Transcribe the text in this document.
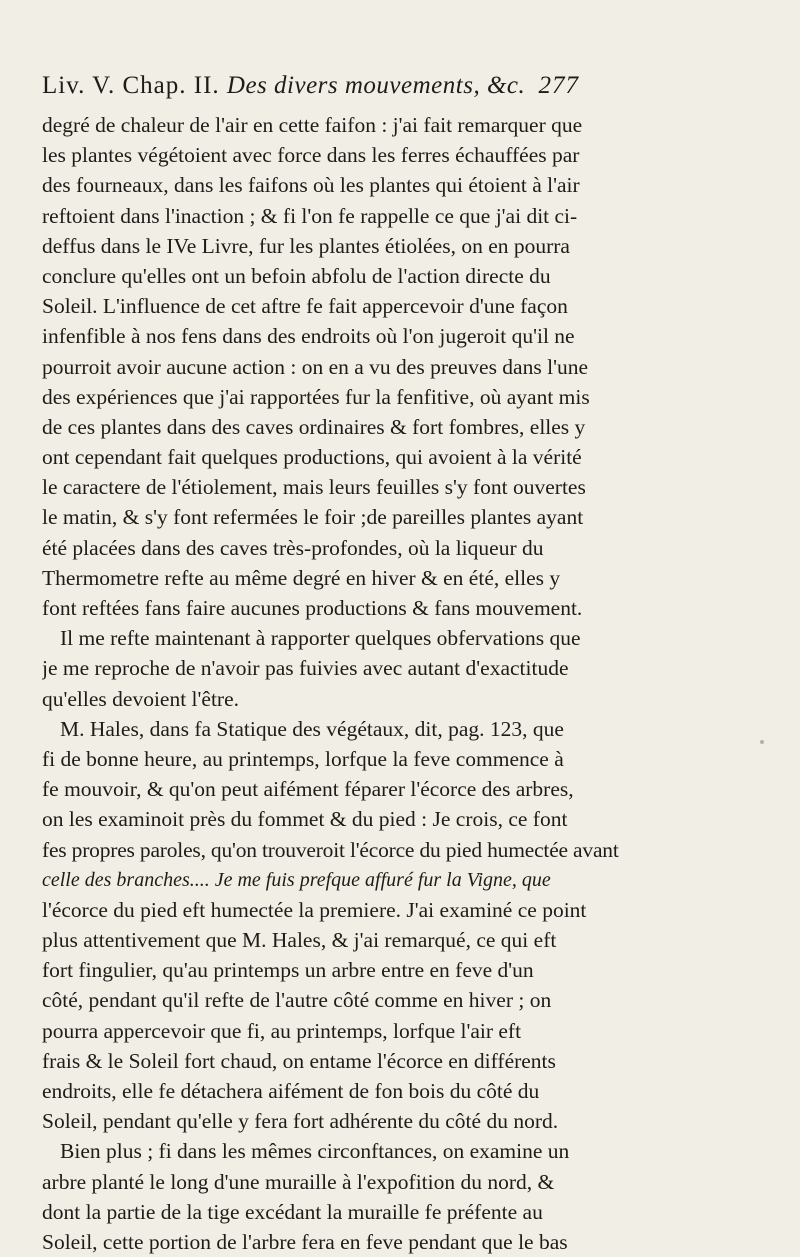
Liv. V. Chap. II. Des divers mouvements, &c. 277
degré de chaleur de l'air en cette faifon : j'ai fait remarquer que
les plantes végétoient avec force dans les ferres échauffées par
des fourneaux, dans les faifons où les plantes qui étoient à l'air
reftoient dans l'inaction ; & fi l'on fe rappelle ce que j'ai dit ci-
deffus dans le IVe Livre, fur les plantes étiolées, on en pourra
conclure qu'elles ont un befoin abfolu de l'action directe du
Soleil. L'influence de cet aftre fe fait appercevoir d'une façon
infenfible à nos fens dans des endroits où l'on jugeroit qu'il ne
pourroit avoir aucune action : on en a vu des preuves dans l'une
des expériences que j'ai rapportées fur la fenfitive, où ayant mis
de ces plantes dans des caves ordinaires & fort fombres, elles y
ont cependant fait quelques productions, qui avoient à la vérité
le caractere de l'étiolement, mais leurs feuilles s'y font ouvertes
le matin, & s'y font refermées le foir ;de pareilles plantes ayant
été placées dans des caves très-profondes, où la liqueur du
Thermometre refte au même degré en hiver & en été, elles y
font reftées fans faire aucunes productions & fans mouvement.
Il me refte maintenant à rapporter quelques obfervations que
je me reproche de n'avoir pas fuivies avec autant d'exactitude
qu'elles devoient l'être.
M. Hales, dans fa Statique des végétaux, dit, pag. 123, que
fi de bonne heure, au printemps, lorfque la feve commence à
fe mouvoir, & qu'on peut aifément féparer l'écorce des arbres,
on les examinoit près du fommet & du pied : Je crois, ce font
fes propres paroles, qu'on trouveroit l'écorce du pied humectée avant
celle des branches.... Je me fuis prefque affuré fur la Vigne, que
l'écorce du pied eft humectée la premiere. J'ai examiné ce point
plus attentivement que M. Hales, & j'ai remarqué, ce qui eft
fort fingulier, qu'au printemps un arbre entre en feve d'un
côté, pendant qu'il refte de l'autre côté comme en hiver ; on
pourra appercevoir que fi, au printemps, lorfque l'air eft
frais & le Soleil fort chaud, on entame l'écorce en différents
endroits, elle fe détachera aifément de fon bois du côté du
Soleil, pendant qu'elle y fera fort adhérente du côté du nord.
Bien plus ; fi dans les mêmes circonftances, on examine un
arbre planté le long d'une muraille à l'expofition du nord, &
dont la partie de la tige excédant la muraille fe préfente au
Soleil, cette portion de l'arbre fera en feve pendant que le bas
